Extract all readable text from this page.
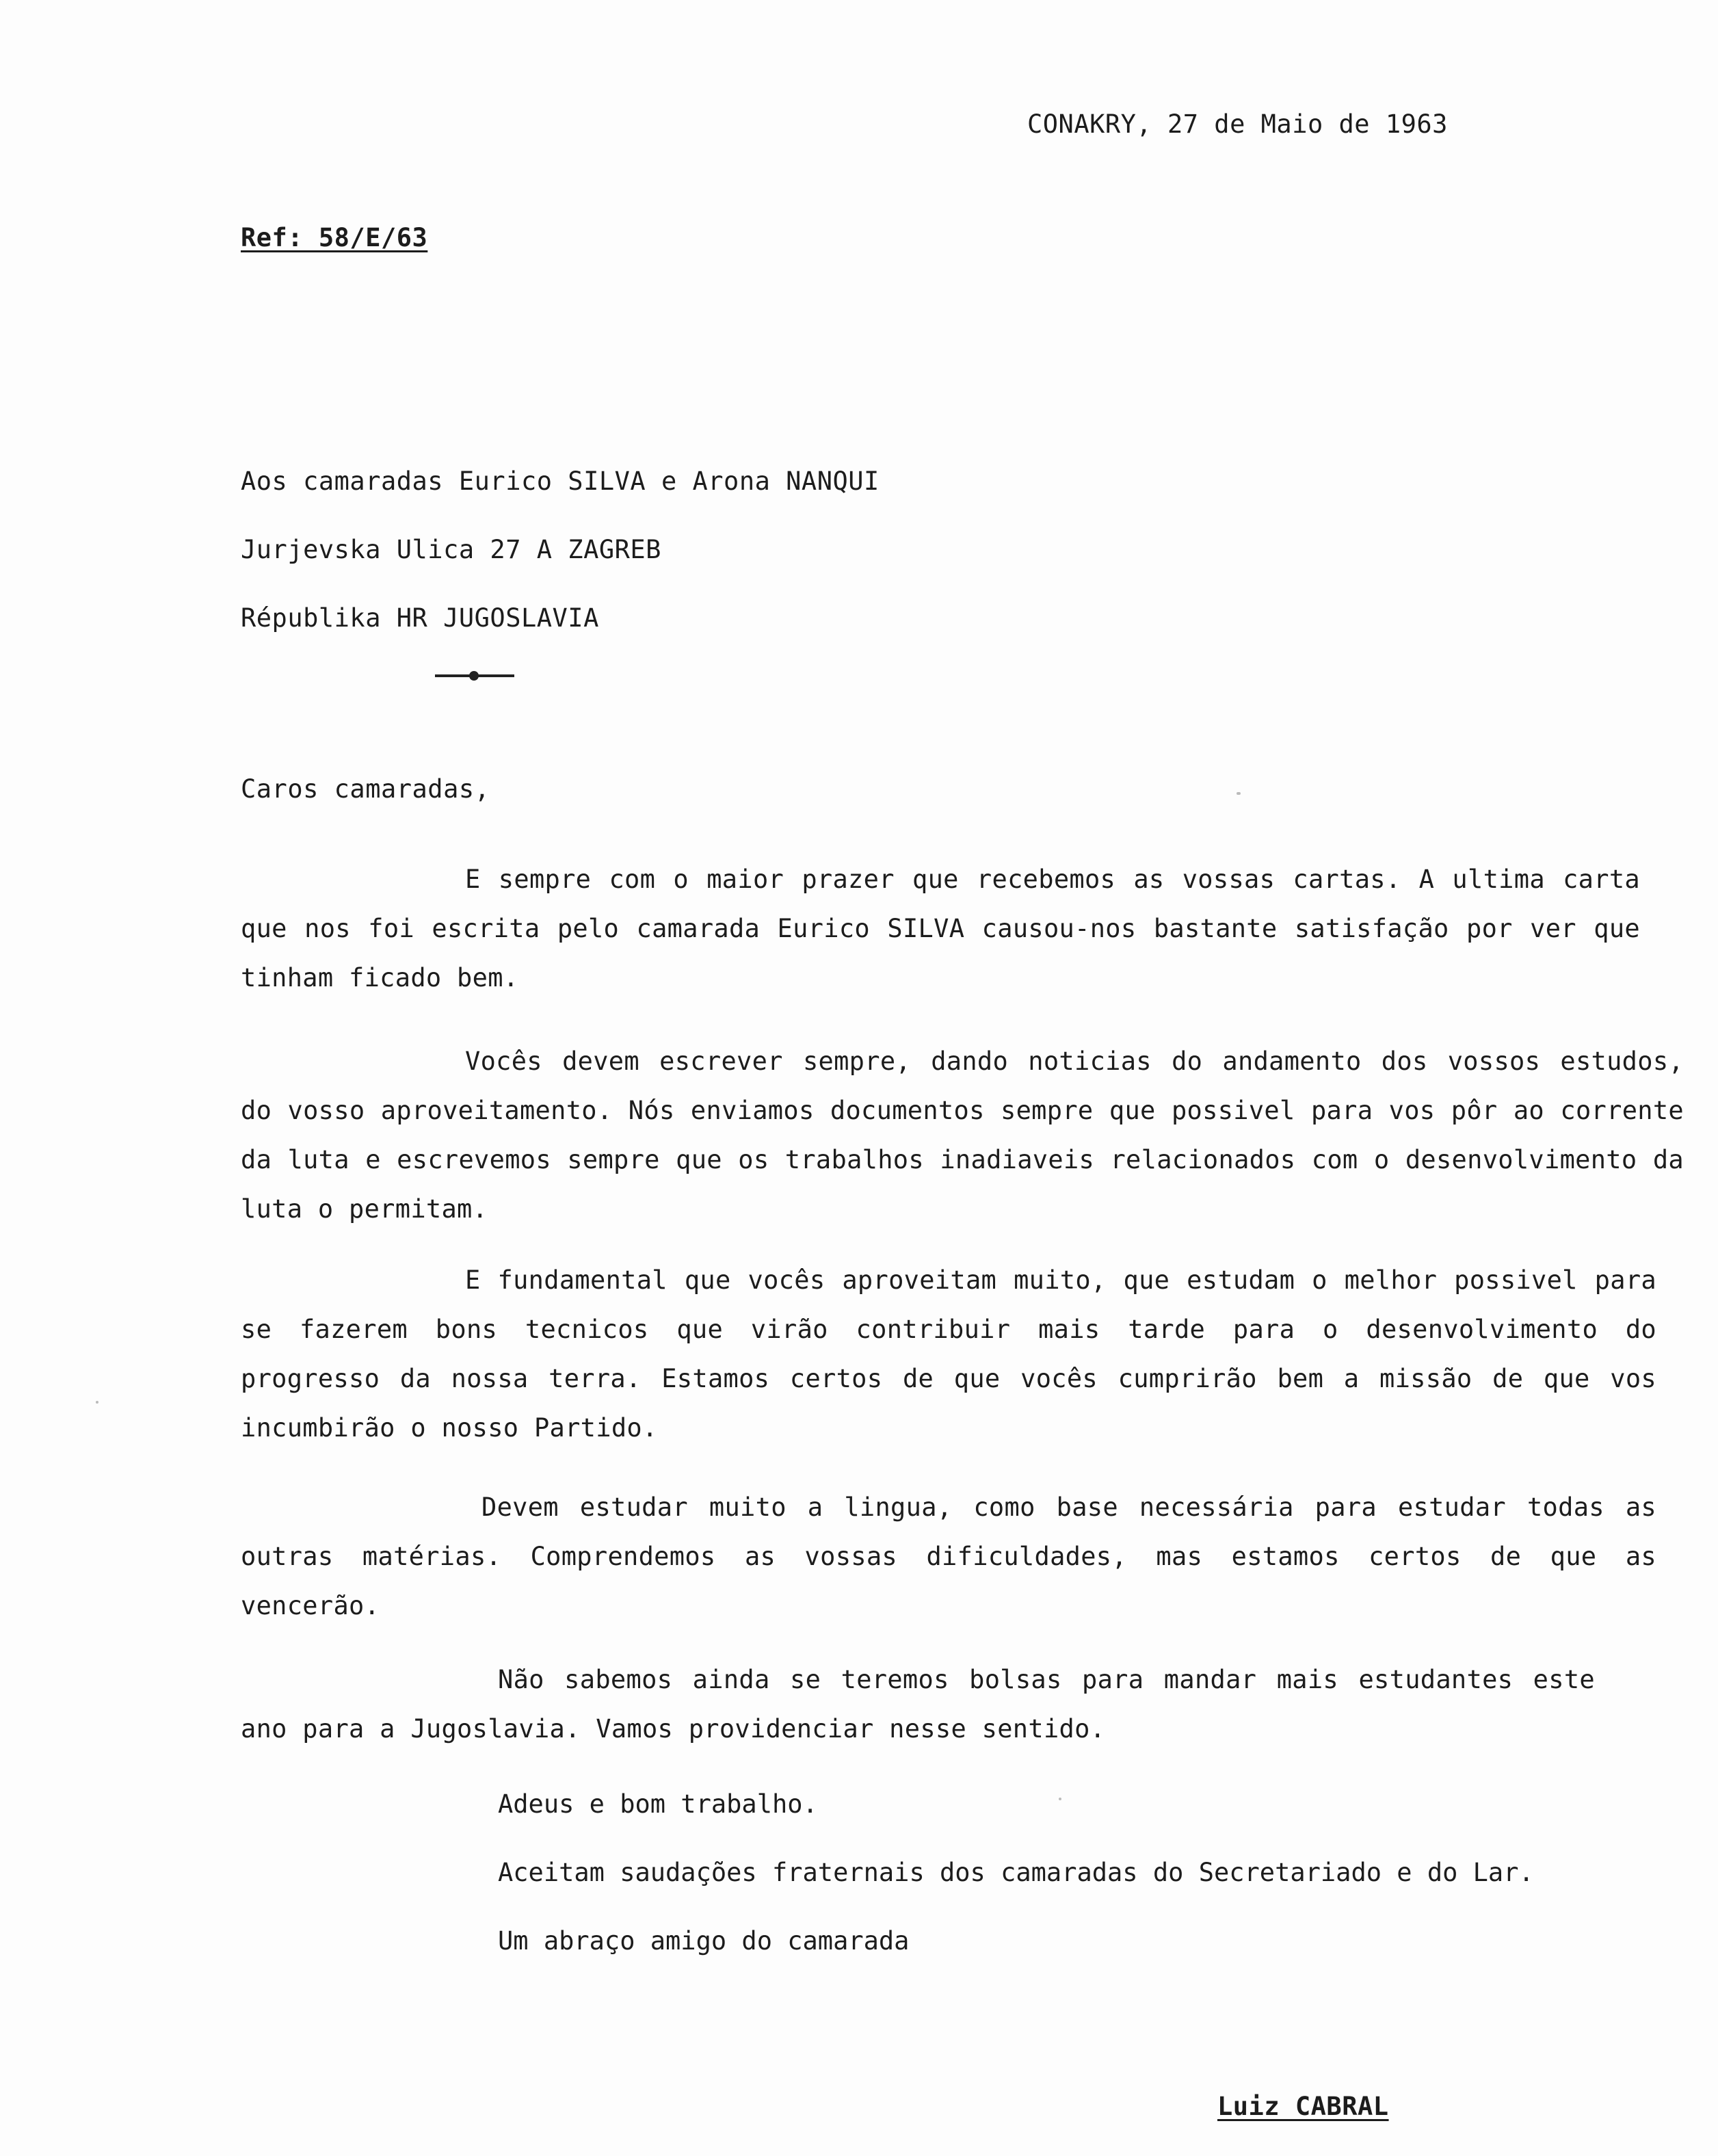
CONAKRY, 27 de Maio de 1963
Ref: 58/E/63
Aos camaradas Eurico SILVA e Arona NANQUI
Jurjevska Ulica 27 A ZAGREB
Républika HR JUGOSLAVIA
Caros camaradas,
E sempre com o maior prazer que recebemos as vossas cartas. A ultima carta que nos foi escrita pelo camarada Eurico SILVA causou-nos bastante satisfação por ver que tinham ficado bem.
Vocês devem escrever sempre, dando noticias do andamento dos vossos estudos, do vosso aproveitamento. Nós enviamos documentos sempre que possivel para vos pôr ao corrente da luta e escrevemos sempre que os trabalhos inadiaveis relacionados com o desenvolvimento da luta o permitam.
E fundamental que vocês aproveitam muito, que estudam o melhor possivel para se fazerem bons tecnicos que virão contribuir mais tarde para o desenvolvimento do progresso da nossa terra. Estamos certos de que vocês cumprirão bem a missão de que vos incumbirão o nosso Partido.
Devem estudar muito a lingua, como base necessária para estudar todas as outras matérias. Comprendemos as vossas dificuldades, mas estamos certos de que as vencerão.
Não sabemos ainda se teremos bolsas para mandar mais estudantes este ano para a Jugoslavia. Vamos providenciar nesse sentido.
Adeus e bom trabalho.
Aceitam saudações fraternais dos camaradas do Secretariado e do Lar.
Um abraço amigo do camarada
Luiz CABRAL
